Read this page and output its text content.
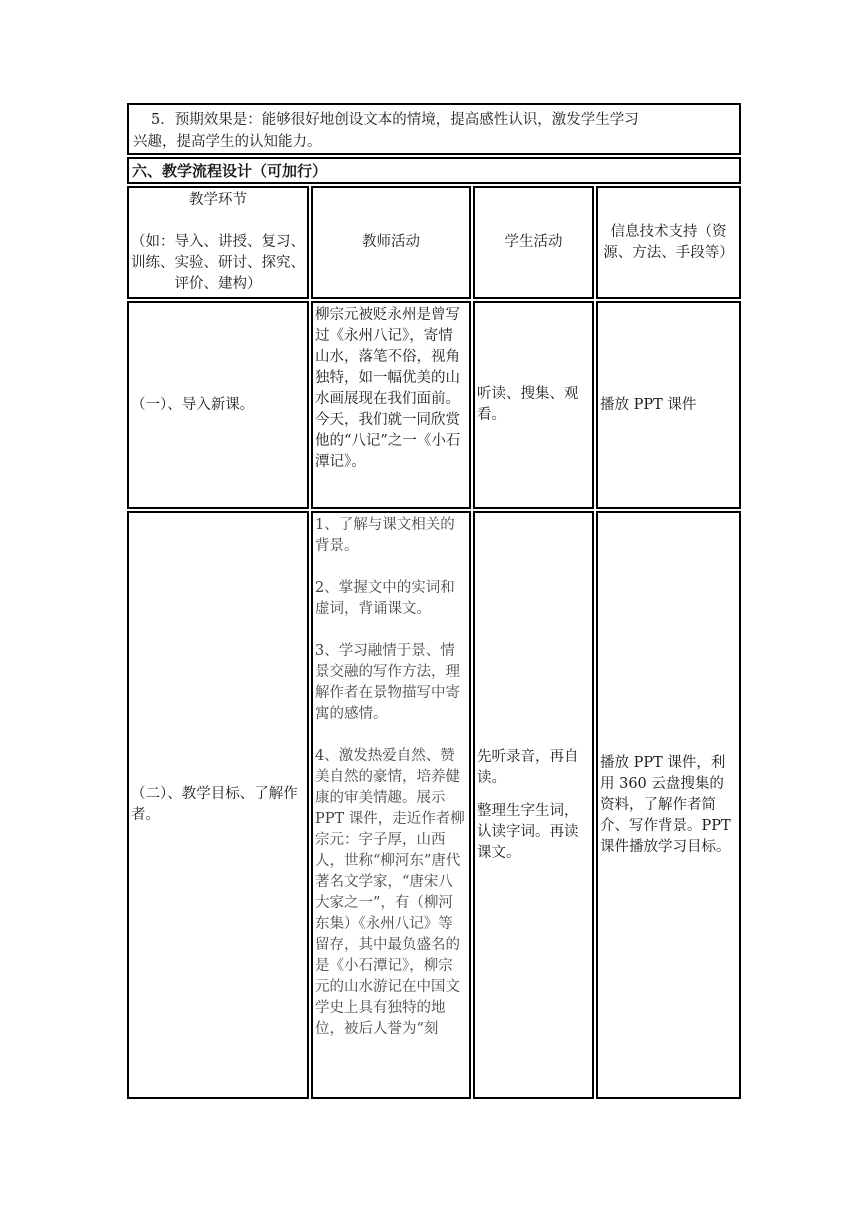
5．预期效果是：能够很好地创设文本的情境，提高感性认识，激发学生学习

兴趣，提高学生的认知能力。

六、教学流程设计（可加行）

教学环节

（如：导入、讲授、复习、训练、实验、研讨、探究、评价、建构）

教师活动	学生活动
信息技术支持（资源、方法、手段等）
（一）、导入新课。
柳宗元被贬永州是曾写过《永州八记》，寄情山水，落笔不俗，视角独特，如一幅优美的山水画展现在我们面前。今天，我们就一同欣赏他的“八记”之一《小石潭记》。
听读、搜集、观看。
播放 PPT 课件
（二）、教学目标、了解作者。

1、了解与课文相关的背景。

2、掌握文中的实词和虚词，背诵课文。

3、学习融情于景、情景交融的写作方法，理解作者在景物描写中寄寓的感情。

4、激发热爱自然、赞美自然的豪情，培养健康的审美情趣。展示 PPT 课件，走近作者柳宗元：字子厚，山西人，世称“柳河东”唐代著名文学家，“唐宋八大家之一”，有（柳河东集）《永州八记》等留存，其中最负盛名的是《小石潭记》，柳宗元的山水游记在中国文学史上具有独特的地位，被后人誉为“刻

先听录音，再自读。

整理生字生词，认读字词。再读课文。

播放 PPT 课件，利用 360 云盘搜集的资料，了解作者简介、写作背景。PPT 课件播放学习目标。
